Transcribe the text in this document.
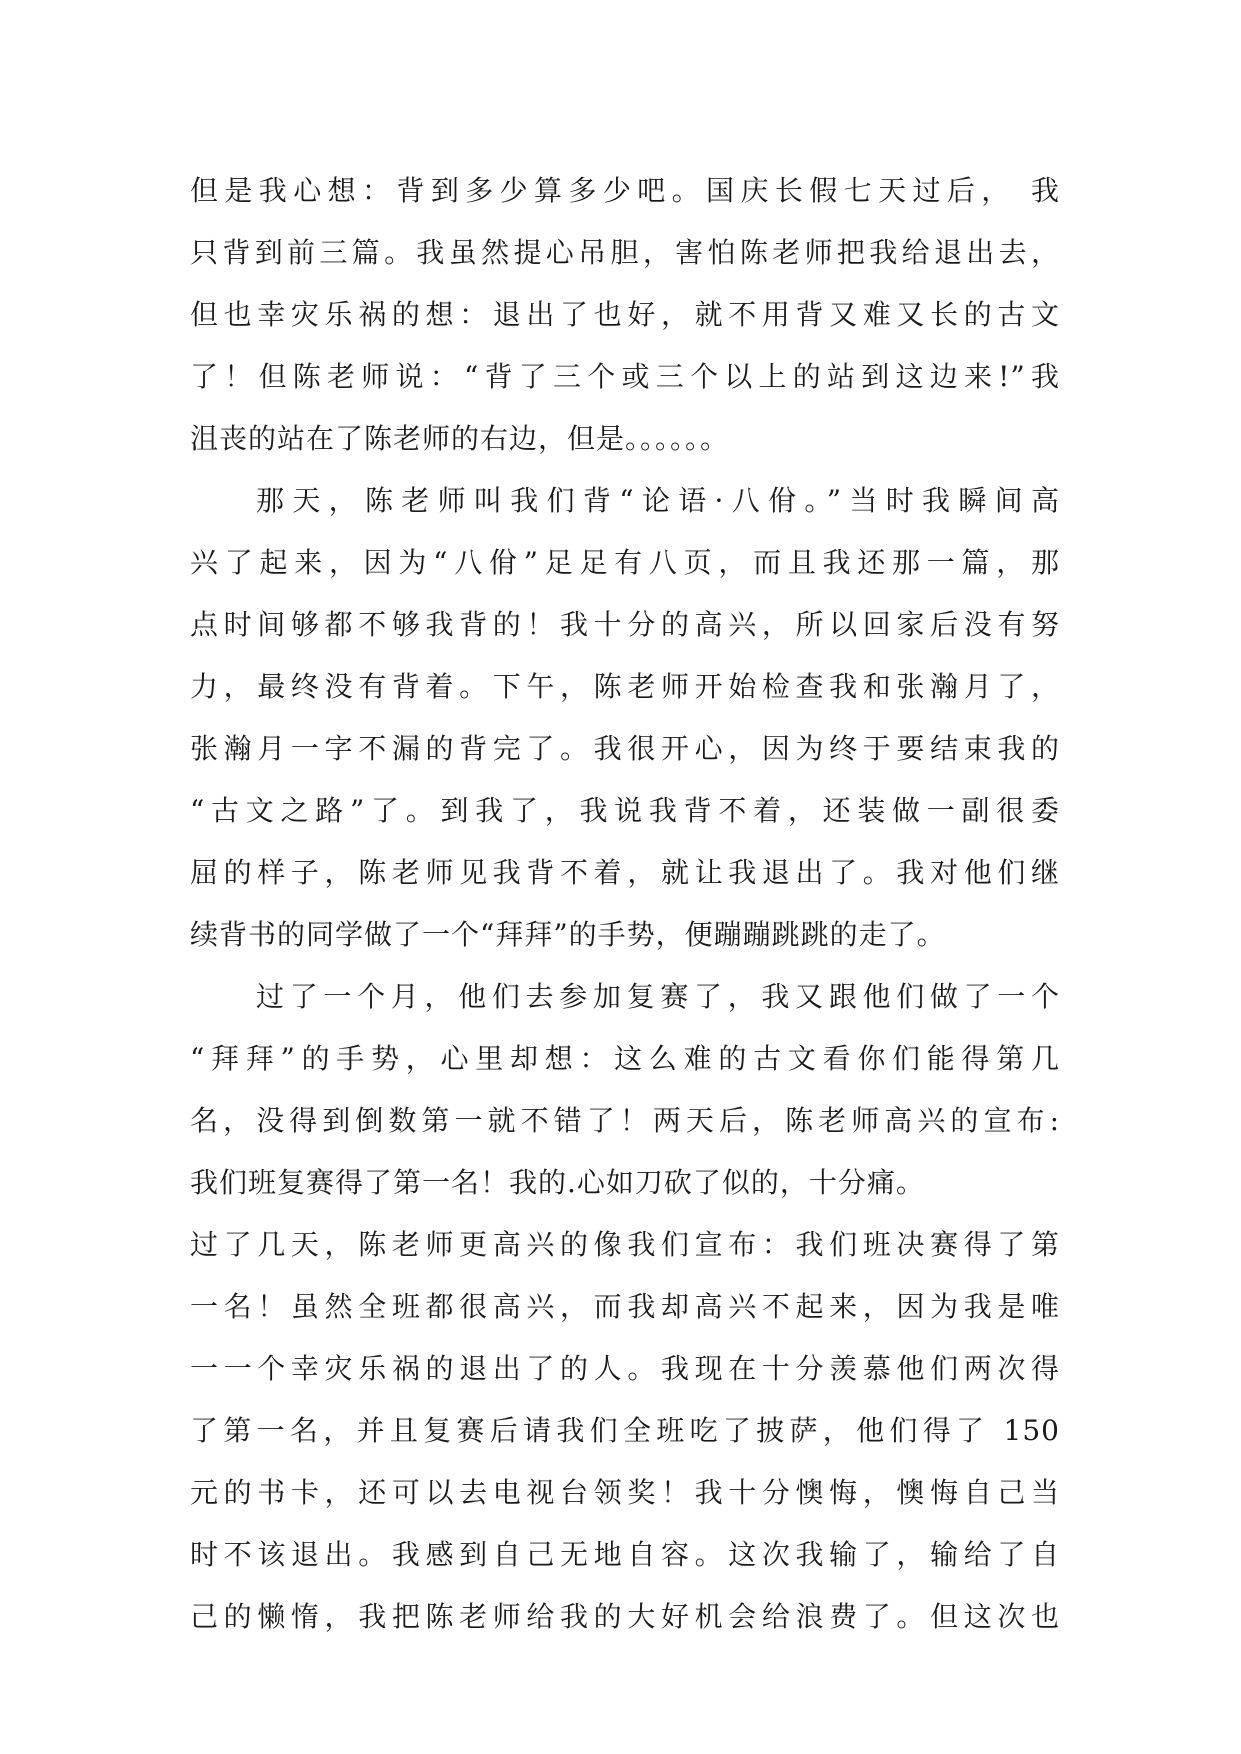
但是我心想：背到多少算多少吧。国庆长假七天过后， 我
只背到前三篇。我虽然提心吊胆，害怕陈老师把我给退出去，
但也幸灾乐祸的想：退出了也好，就不用背又难又长的古文
了！但陈老师说：“背了三个或三个以上的站到这边来!”我
沮丧的站在了陈老师的右边，但是。。。。。。
那天，陈老师叫我们背“论语·八佾。”当时我瞬间高
兴了起来，因为“八佾”足足有八页，而且我还那一篇，那
点时间够都不够我背的！我十分的高兴，所以回家后没有努
力，最终没有背着。下午，陈老师开始检查我和张瀚月了，
张瀚月一字不漏的背完了。我很开心，因为终于要结束我的
“古文之路”了。到我了，我说我背不着，还装做一副很委
屈的样子，陈老师见我背不着，就让我退出了。我对他们继
续背书的同学做了一个“拜拜”的手势，便蹦蹦跳跳的走了。
过了一个月，他们去参加复赛了，我又跟他们做了一个
“拜拜”的手势，心里却想：这么难的古文看你们能得第几
名，没得到倒数第一就不错了！两天后，陈老师高兴的宣布:
我们班复赛得了第一名！我的.心如刀砍了似的，十分痛。
过了几天，陈老师更高兴的像我们宣布：我们班决赛得了第
一名！虽然全班都很高兴，而我却高兴不起来，因为我是唯
一一个幸灾乐祸的退出了的人。我现在十分羡慕他们两次得
了第一名，并且复赛后请我们全班吃了披萨，他们得了 150
元的书卡，还可以去电视台领奖！我十分懊悔，懊悔自己当
时不该退出。我感到自己无地自容。这次我输了，输给了自
己的懒惰，我把陈老师给我的大好机会给浪费了。但这次也
